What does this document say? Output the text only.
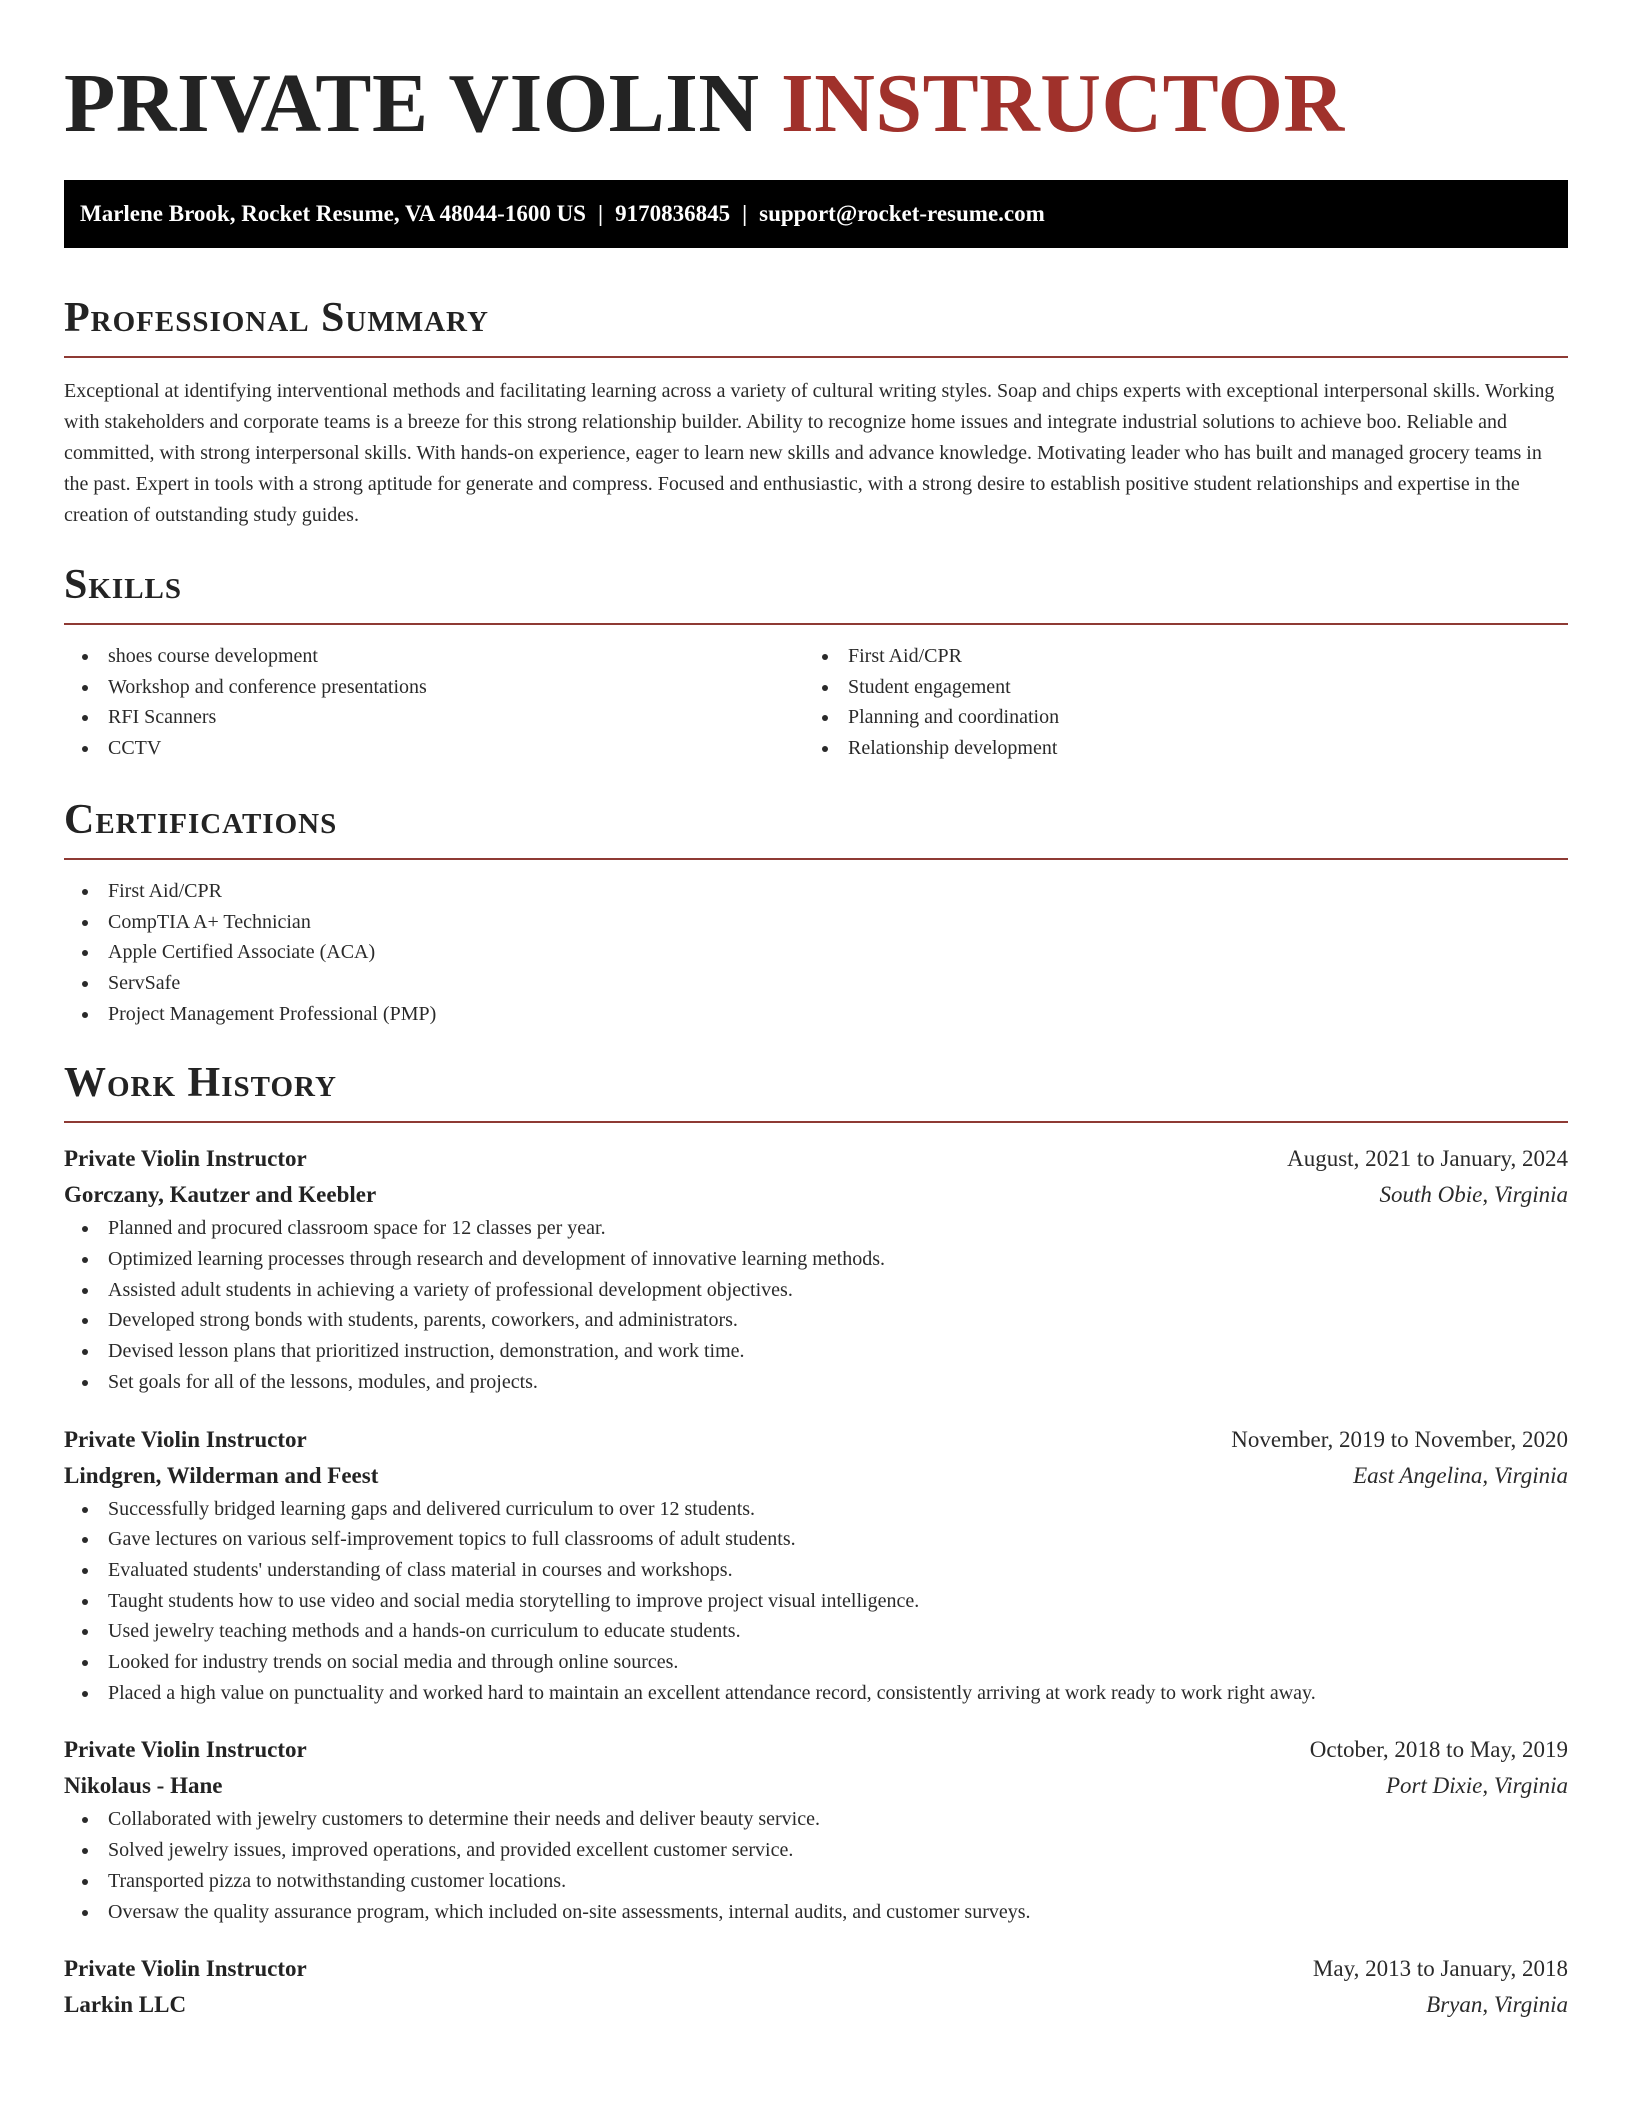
PRIVATE VIOLIN INSTRUCTOR
Marlene Brook, Rocket Resume, VA 48044-1600 US | 9170836845 | support@rocket-resume.com
Professional Summary

Exceptional at identifying interventional methods and facilitating learning across a variety of cultural writing styles. Soap and chips experts with exceptional interpersonal skills. Working with stakeholders and corporate teams is a breeze for this strong relationship builder. Ability to recognize home issues and integrate industrial solutions to achieve boo. Reliable and committed, with strong interpersonal skills. With hands-on experience, eager to learn new skills and advance knowledge. Motivating leader who has built and managed grocery teams in the past. Expert in tools with a strong aptitude for generate and compress. Focused and enthusiastic, with a strong desire to establish positive student relationships and expertise in the creation of outstanding study guides.

Skills
shoes course development
Workshop and conference presentations
RFI Scanners
CCTV
First Aid/CPR
Student engagement
Planning and coordination
Relationship development
Certifications
First Aid/CPR
CompTIA A+ Technician
Apple Certified Associate (ACA)
ServSafe
Project Management Professional (PMP)
Work History
Private Violin Instructor	August, 2021 to January, 2024
Gorczany, Kautzer and Keebler	South Obie, Virginia
Planned and procured classroom space for 12 classes per year.
Optimized learning processes through research and development of innovative learning methods.
Assisted adult students in achieving a variety of professional development objectives.
Developed strong bonds with students, parents, coworkers, and administrators.
Devised lesson plans that prioritized instruction, demonstration, and work time.
Set goals for all of the lessons, modules, and projects.
Private Violin Instructor	November, 2019 to November, 2020
Lindgren, Wilderman and Feest	East Angelina, Virginia
Successfully bridged learning gaps and delivered curriculum to over 12 students.
Gave lectures on various self-improvement topics to full classrooms of adult students.
Evaluated students' understanding of class material in courses and workshops.
Taught students how to use video and social media storytelling to improve project visual intelligence.
Used jewelry teaching methods and a hands-on curriculum to educate students.
Looked for industry trends on social media and through online sources.
Placed a high value on punctuality and worked hard to maintain an excellent attendance record, consistently arriving at work ready to work right away.
Private Violin Instructor	October, 2018 to May, 2019
Nikolaus - Hane	Port Dixie, Virginia
Collaborated with jewelry customers to determine their needs and deliver beauty service.
Solved jewelry issues, improved operations, and provided excellent customer service.
Transported pizza to notwithstanding customer locations.
Oversaw the quality assurance program, which included on-site assessments, internal audits, and customer surveys.
Private Violin Instructor	May, 2013 to January, 2018
Larkin LLC	Bryan, Virginia
